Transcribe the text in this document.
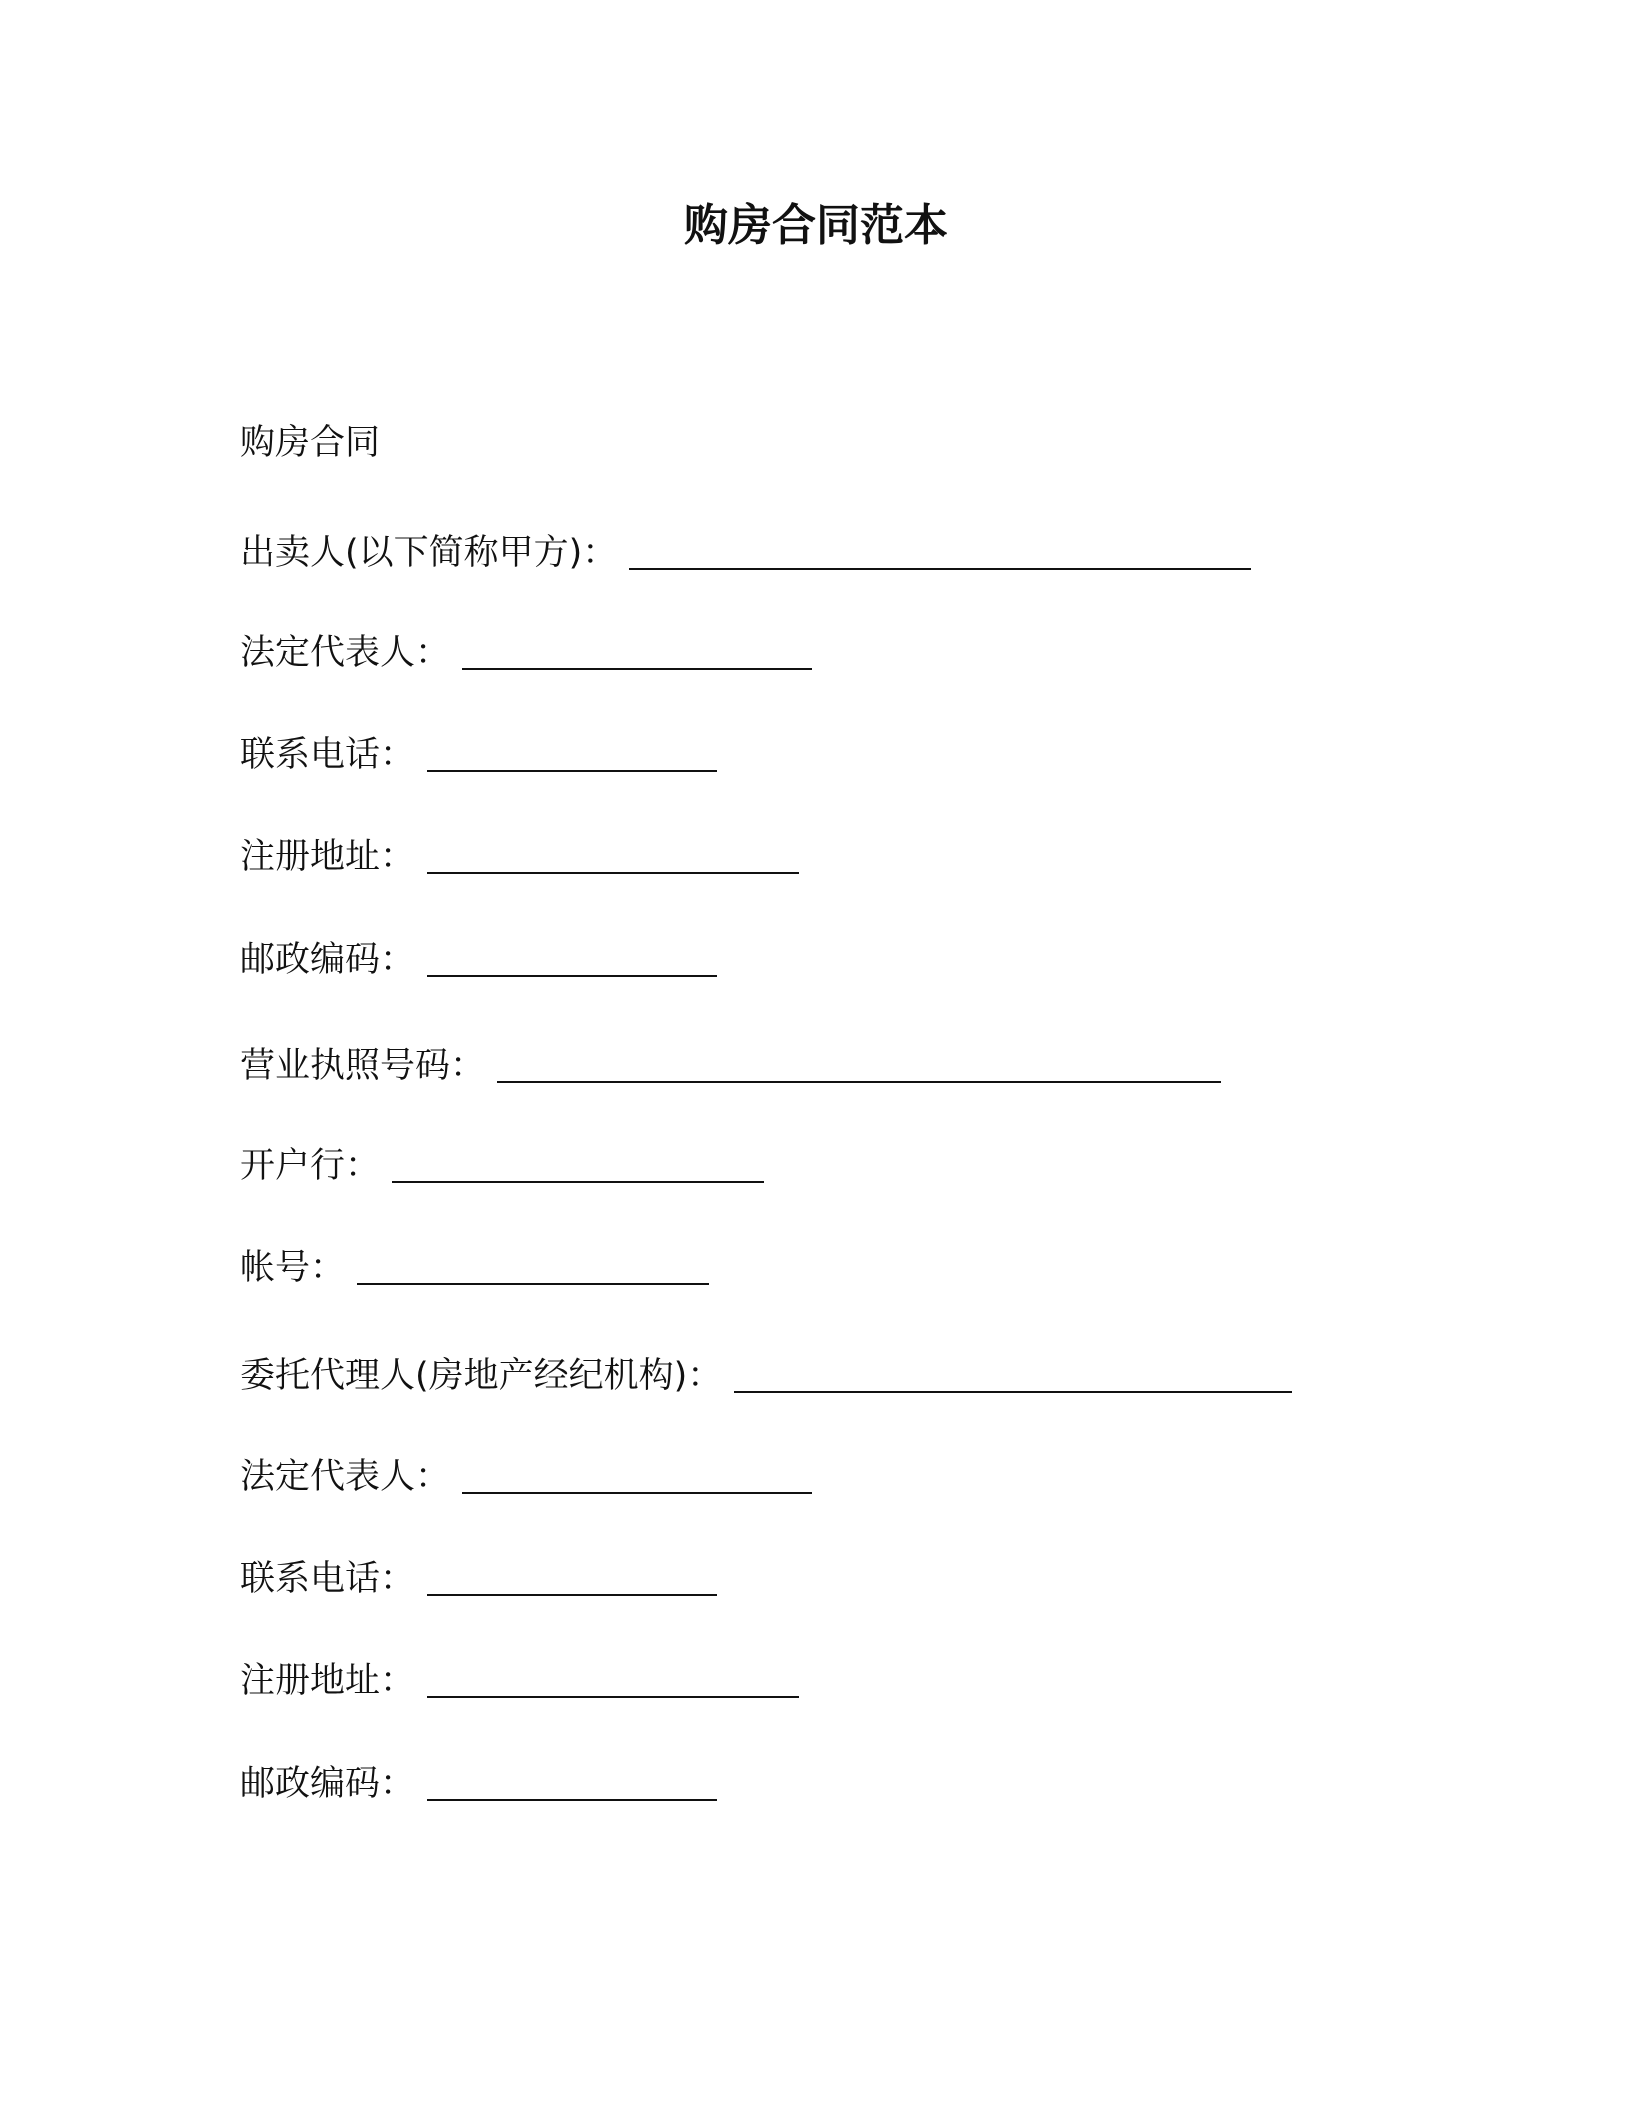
购房合同范本
购房合同
出卖人(以下简称甲方)：
法定代表人：
联系电话：
注册地址：
邮政编码：
营业执照号码：
开户行：
帐号：
委托代理人(房地产经纪机构)：
法定代表人：
联系电话：
注册地址：
邮政编码：
